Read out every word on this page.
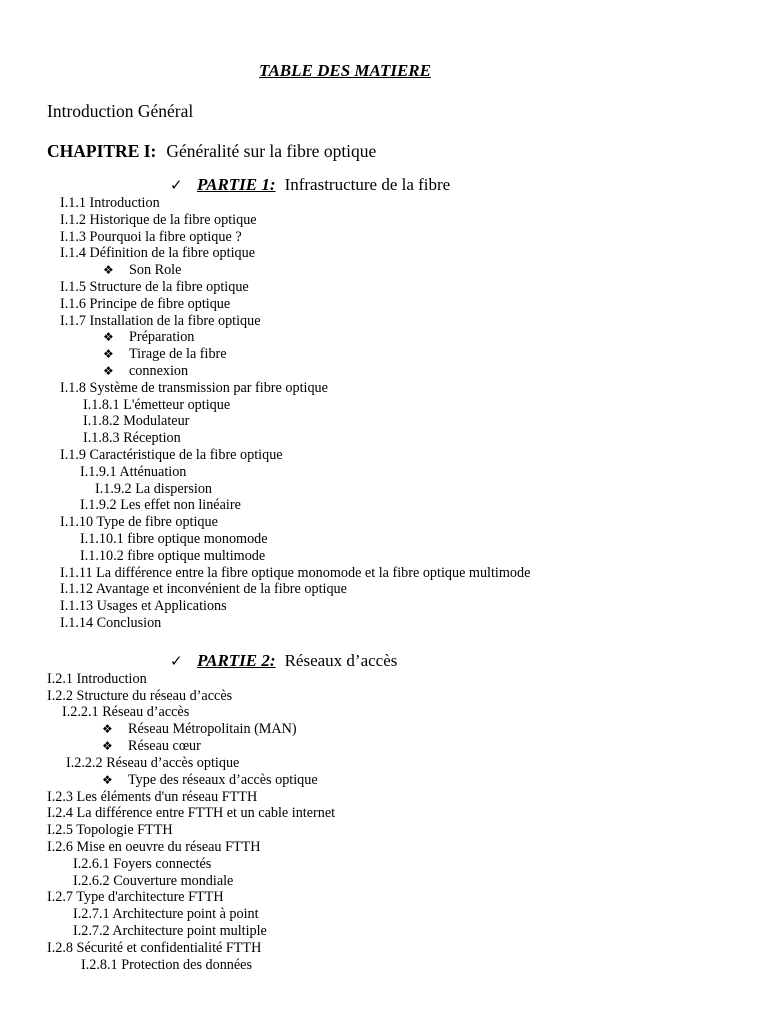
TABLE DES MATIERE
Introduction Général
CHAPITRE I: Généralité sur la fibre optique
✓ PARTIE 1: Infrastructure de la fibre
I.1.1 Introduction
I.1.2 Historique de la fibre optique
I.1.3 Pourquoi la fibre optique ?
I.1.4 Définition de la fibre optique
❖ Son Role
I.1.5 Structure de la fibre optique
I.1.6 Principe de fibre optique
I.1.7 Installation de la fibre optique
❖ Préparation
❖ Tirage de la fibre
❖ connexion
I.1.8 Système de transmission par fibre optique
I.1.8.1 L'émetteur optique
I.1.8.2 Modulateur
I.1.8.3 Réception
I.1.9 Caractéristique de la fibre optique
I.1.9.1 Atténuation
I.1.9.2 La dispersion
I.1.9.2 Les effet non linéaire
I.1.10 Type de fibre optique
I.1.10.1 fibre optique monomode
I.1.10.2 fibre optique multimode
I.1.11 La différence entre la fibre optique monomode et la fibre optique multimode
I.1.12 Avantage et inconvénient de la fibre optique
I.1.13 Usages et Applications
I.1.14 Conclusion
✓ PARTIE 2: Réseaux d’accès
I.2.1 Introduction
I.2.2 Structure du réseau d’accès
I.2.2.1 Réseau d’accès
❖ Réseau Métropolitain (MAN)
❖ Réseau cœur
I.2.2.2 Réseau d’accès optique
❖ Type des réseaux d’accès optique
I.2.3 Les éléments d'un réseau FTTH
I.2.4 La différence entre FTTH et un cable internet
I.2.5 Topologie FTTH
I.2.6 Mise en oeuvre du réseau FTTH
I.2.6.1 Foyers connectés
I.2.6.2 Couverture mondiale
I.2.7 Type d'architecture FTTH
I.2.7.1 Architecture point à point
I.2.7.2 Architecture point multiple
I.2.8 Sécurité et confidentialité FTTH
I.2.8.1 Protection des données
